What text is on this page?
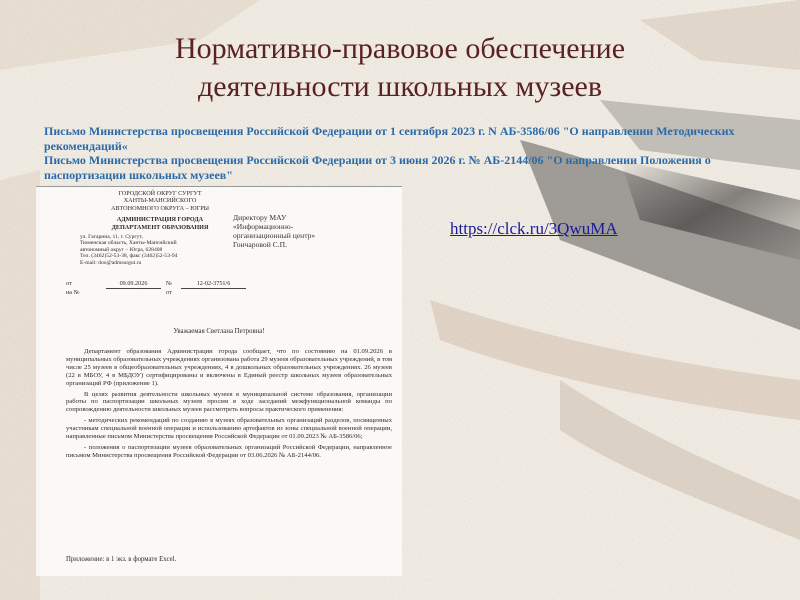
Нормативно-правовое обеспечение
деятельности школьных музеев
Письмо Министерства просвещения Российской Федерации от 1 сентября 2023 г. N АБ-3586/06 "О направлении Методических рекомендаций«
Письмо Министерства просвещения Российской Федерации от 3 июня 2026 г. № АБ-2144/06 "О направлении Положения о паспортизации школьных музеев"
https://clck.ru/3QwuMA
ГОРОДСКОЙ ОКРУГ СУРГУТ
ХАНТЫ-МАНСИЙСКОГО
АВТОНОМНОГО ОКРУГА – ЮГРЫ
АДМИНИСТРАЦИЯ ГОРОДА
ДЕПАРТАМЕНТ ОБРАЗОВАНИЯ
ул. Гагарина, 11, г. Сургут,
Тюменская область, Ханты-Мансийский
автономный округ – Югра, 628408
Тел. (3462)52-53-38, факс (3462)52-53-94
E-mail: doo@admsurgut.ru
Директору МАУ
«Информационно-
организационный центр»
Гончаровой С.П.
от	09.09.2026	№	12-02-3751/6
на №	от
Уважаемая Светлана Петровна!

Департамент образования Администрации города сообщает, что по состоянию на 01.09.2026 в муниципальных образовательных учреждениях организована работа 29 музеев образовательных учреждений, в том числе 25 музеев в общеобразовательных учреждениях, 4 в дошкольных образовательных учреждениях. 26 музеев (22 в МБОУ, 4 в МБДОУ) сертифицированы и включены в Единый реестр школьных музеев образовательных организаций РФ (приложение 1).

В целях развития деятельности школьных музеев в муниципальной системе образования, организации работы по паспортизации школьных музеев просим в ходе заседаний межфункциональной команды по сопровождению деятельности школьных музеев рассмотреть вопросы практического применения:

- методических рекомендаций по созданию в музеях образовательных организаций разделов, посвященных участникам специальной военной операции и использованию артефактов из зоны специальной военной операции, направленные письмом Министерства просвещения Российской Федерации от 01.09.2023 № АБ-3586/06;

- положения о паспортизации музеев образовательных организаций Российской Федерации, направленное письмом Министерства просвещения Российской Федерации от 03.06.2026 № АБ-2144/06.

Приложение: в 1 экз. в формате Excel.
